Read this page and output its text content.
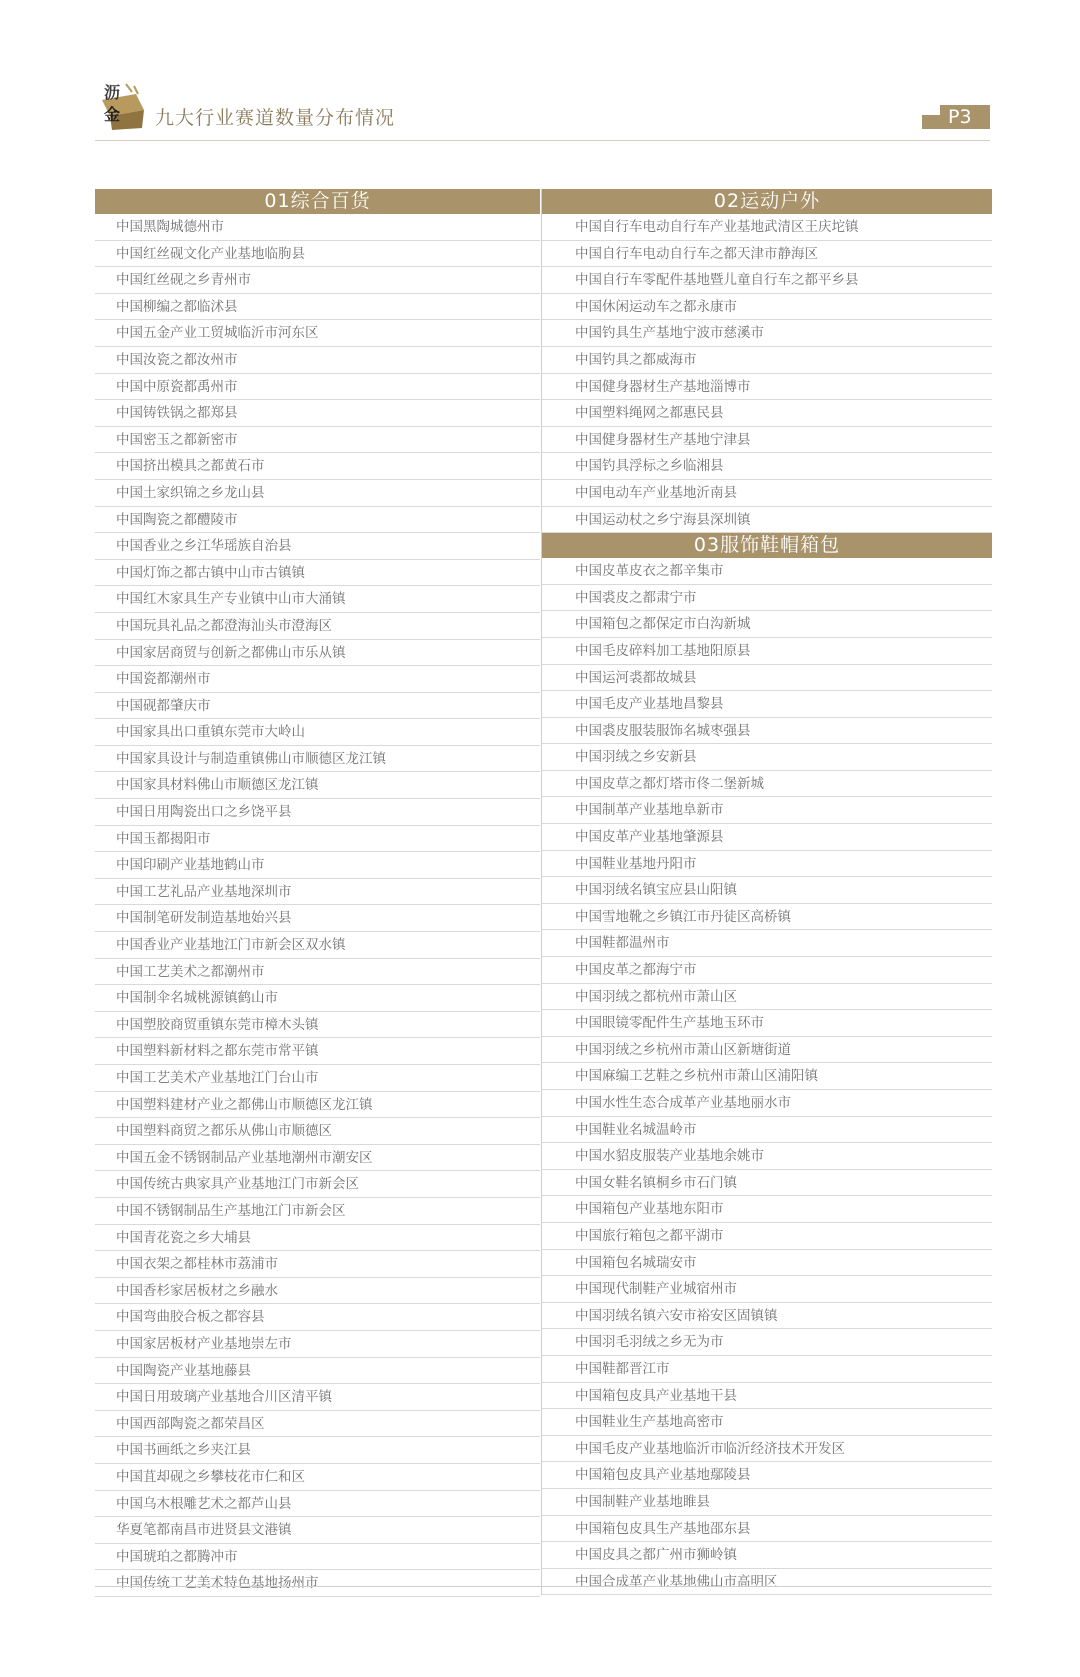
沥
金 九大行业赛道数量分布情况	P3
01综合百货
中国黑陶城德州市
中国红丝砚文化产业基地临朐县
中国红丝砚之乡青州市
中国柳编之都临沭县
中国五金产业工贸城临沂市河东区
中国汝瓷之都汝州市
中国中原瓷都禹州市
中国铸铁锅之都郑县
中国密玉之都新密市
中国挤出模具之都黄石市
中国土家织锦之乡龙山县
中国陶瓷之都醴陵市
中国香业之乡江华瑶族自治县
中国灯饰之都古镇中山市古镇镇
中国红木家具生产专业镇中山市大涌镇
中国玩具礼品之都澄海汕头市澄海区
中国家居商贸与创新之都佛山市乐从镇
中国瓷都潮州市
中国砚都肇庆市
中国家具出口重镇东莞市大岭山
中国家具设计与制造重镇佛山市顺德区龙江镇
中国家具材料佛山市顺德区龙江镇
中国日用陶瓷出口之乡饶平县
中国玉都揭阳市
中国印刷产业基地鹤山市
中国工艺礼品产业基地深圳市
中国制笔研发制造基地始兴县
中国香业产业基地江门市新会区双水镇
中国工艺美术之都潮州市
中国制伞名城桃源镇鹤山市
中国塑胶商贸重镇东莞市樟木头镇
中国塑料新材料之都东莞市常平镇
中国工艺美术产业基地江门台山市
中国塑料建材产业之都佛山市顺德区龙江镇
中国塑料商贸之都乐从佛山市顺德区
中国五金不锈钢制品产业基地潮州市潮安区
中国传统古典家具产业基地江门市新会区
中国不锈钢制品生产基地江门市新会区
中国青花瓷之乡大埔县
中国衣架之都桂林市荔浦市
中国香杉家居板材之乡融水
中国弯曲胶合板之都容县
中国家居板材产业基地崇左市
中国陶瓷产业基地藤县
中国日用玻璃产业基地合川区清平镇
中国西部陶瓷之都荣昌区
中国书画纸之乡夹江县
中国苴却砚之乡攀枝花市仁和区
中国乌木根雕艺术之都芦山县
华夏笔都南昌市进贤县文港镇
中国琥珀之都腾冲市
中国传统工艺美术特色基地扬州市
02运动户外
中国自行车电动自行车产业基地武清区王庆坨镇
中国自行车电动自行车之都天津市静海区
中国自行车零配件基地暨儿童自行车之都平乡县
中国休闲运动车之都永康市
中国钓具生产基地宁波市慈溪市
中国钓具之都威海市
中国健身器材生产基地淄博市
中国塑料绳网之都惠民县
中国健身器材生产基地宁津县
中国钓具浮标之乡临湘县
中国电动车产业基地沂南县
中国运动杖之乡宁海县深圳镇
03服饰鞋帽箱包
中国皮革皮衣之都辛集市
中国裘皮之都肃宁市
中国箱包之都保定市白沟新城
中国毛皮碎料加工基地阳原县
中国运河裘都故城县
中国毛皮产业基地昌黎县
中国裘皮服装服饰名城枣强县
中国羽绒之乡安新县
中国皮草之都灯塔市佟二堡新城
中国制革产业基地阜新市
中国皮革产业基地肇源县
中国鞋业基地丹阳市
中国羽绒名镇宝应县山阳镇
中国雪地靴之乡镇江市丹徒区高桥镇
中国鞋都温州市
中国皮革之都海宁市
中国羽绒之都杭州市萧山区
中国眼镜零配件生产基地玉环市
中国羽绒之乡杭州市萧山区新塘街道
中国麻编工艺鞋之乡杭州市萧山区浦阳镇
中国水性生态合成革产业基地丽水市
中国鞋业名城温岭市
中国水貂皮服装产业基地余姚市
中国女鞋名镇桐乡市石门镇
中国箱包产业基地东阳市
中国旅行箱包之都平湖市
中国箱包名城瑞安市
中国现代制鞋产业城宿州市
中国羽绒名镇六安市裕安区固镇镇
中国羽毛羽绒之乡无为市
中国鞋都晋江市
中国箱包皮具产业基地干县
中国鞋业生产基地高密市
中国毛皮产业基地临沂市临沂经济技术开发区
中国箱包皮具产业基地鄢陵县
中国制鞋产业基地睢县
中国箱包皮具生产基地邵东县
中国皮具之都广州市狮岭镇
中国合成革产业基地佛山市高明区
